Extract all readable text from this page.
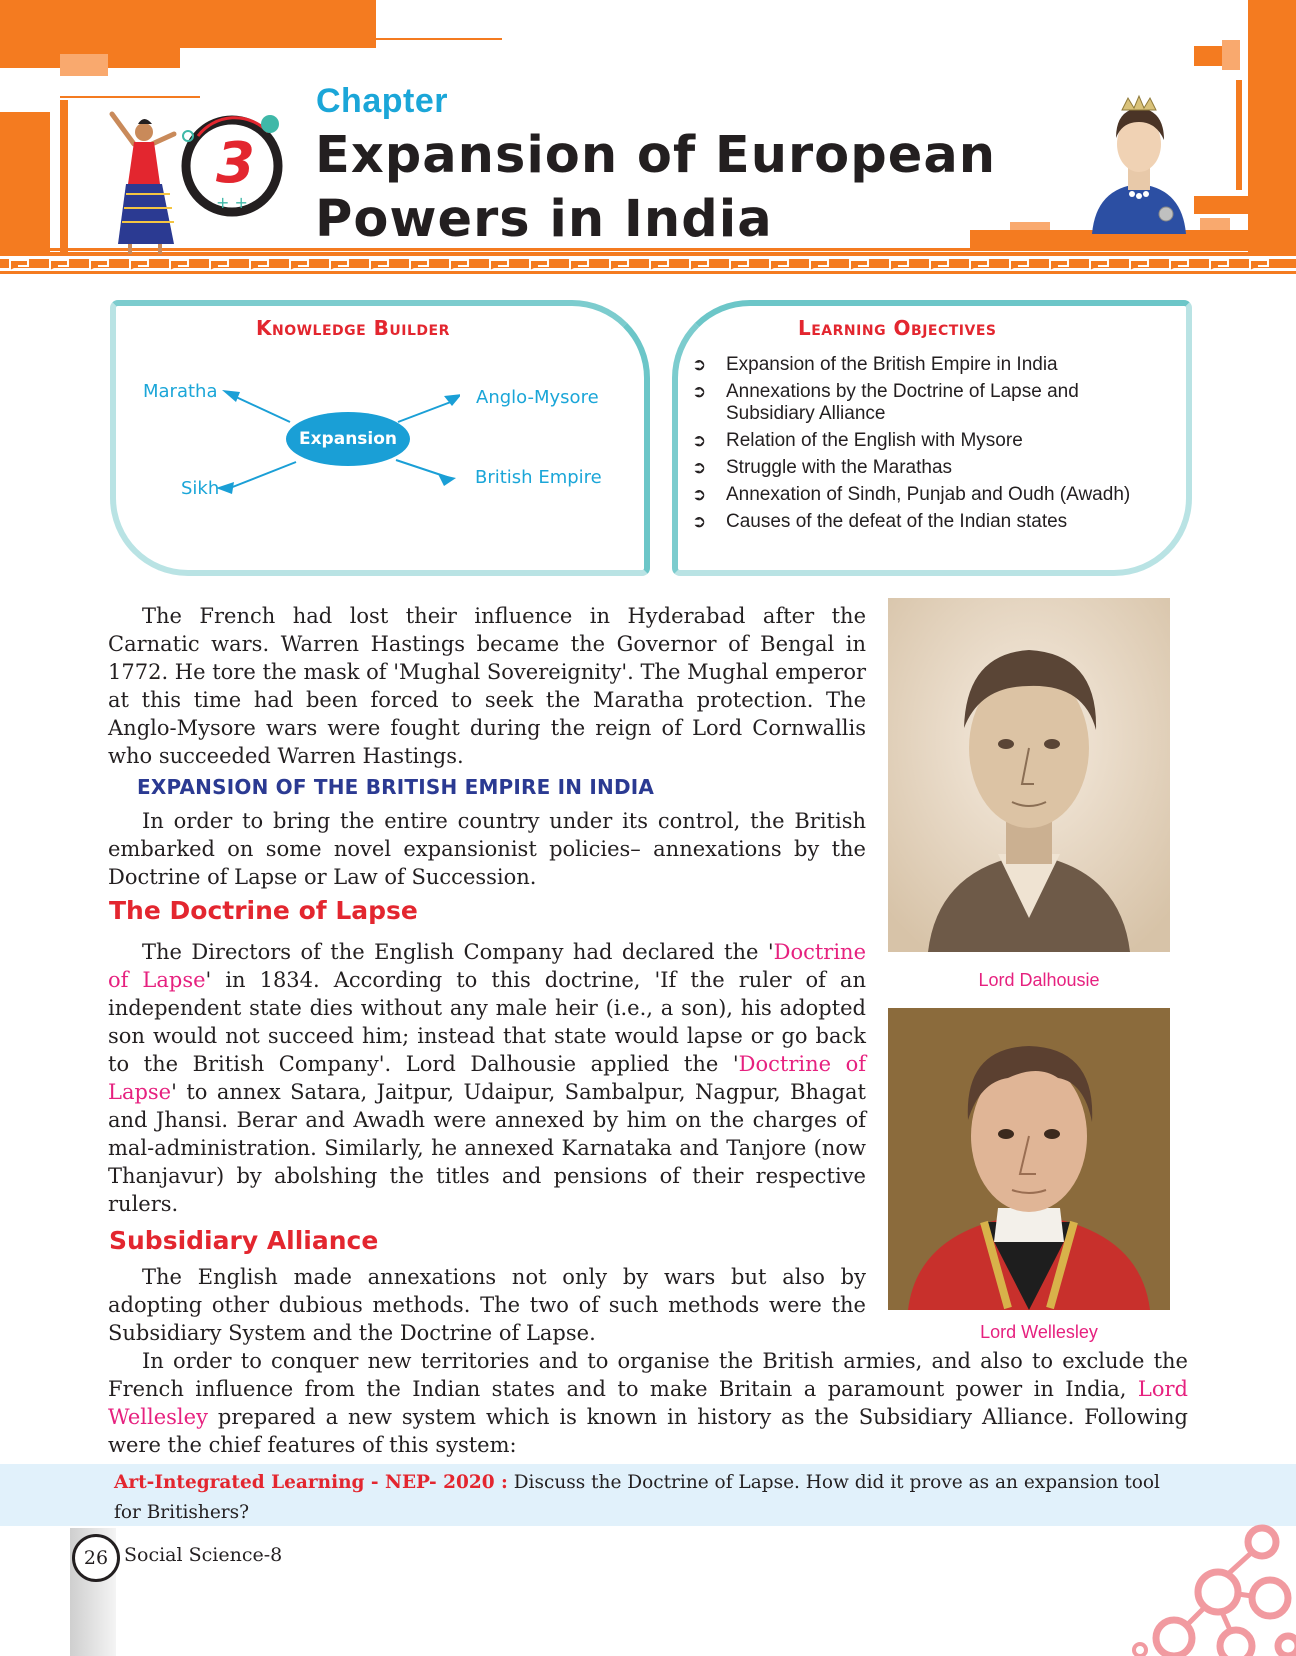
+ +
3
Chapter
Expansion of European
Powers in India
Knowledge Builder
Expansion
Maratha	Anglo-Mysore
Sikh
British Empire
Learning Objectives
➲ Expansion of the British Empire in India
➲ Annexations by the Doctrine of Lapse and Subsidiary Alliance
➲ Relation of the English with Mysore
➲ Struggle with the Marathas
➲ Annexation of Sindh, Punjab and Oudh (Awadh)
➲ Causes of the defeat of the Indian states

The French had lost their influence in Hyderabad after the Carnatic wars. Warren Hastings became the Governor of Bengal in 1772. He tore the mask of 'Mughal Sovereignity'. The Mughal emperor at this time had been forced to seek the Maratha protection. The Anglo-Mysore wars were fought during the reign of Lord Cornwallis who succeeded Warren Hastings.

EXPANSION OF THE BRITISH EMPIRE IN INDIA

In order to bring the entire country under its control, the British embarked on some novel expansionist policies– annexations by the Doctrine of Lapse or Law of Succession.

The Doctrine of Lapse

The Directors of the English Company had declared the 'Doctrine of Lapse' in 1834. According to this doctrine, 'If the ruler of an independent state dies without any male heir (i.e., a son), his adopted son would not succeed him; instead that state would lapse or go back to the British Company'. Lord Dalhousie applied the 'Doctrine of Lapse' to annex Satara, Jaitpur, Udaipur, Sambalpur, Nagpur, Bhagat and Jhansi. Berar and Awadh were annexed by him on the charges of mal-administration. Similarly, he annexed Karnataka and Tanjore (now Thanjavur) by abolshing the titles and pensions of their respective rulers.

Subsidiary Alliance

The English made annexations not only by wars but also by adopting other dubious methods. The two of such methods were the Subsidiary System and the Doctrine of Lapse.

In order to conquer new territories and to organise the British armies, and also to exclude the French influence from the Indian states and to make Britain a paramount power in India, Lord Wellesley prepared a new system which is known in history as the Subsidiary Alliance. Following were the chief features of this system:

Lord Dalhousie
Lord Wellesley

Art-Integrated Learning - NEP- 2020 : Discuss the Doctrine of Lapse. How did it prove as an expansion tool for Britishers?

26 Social Science-8
